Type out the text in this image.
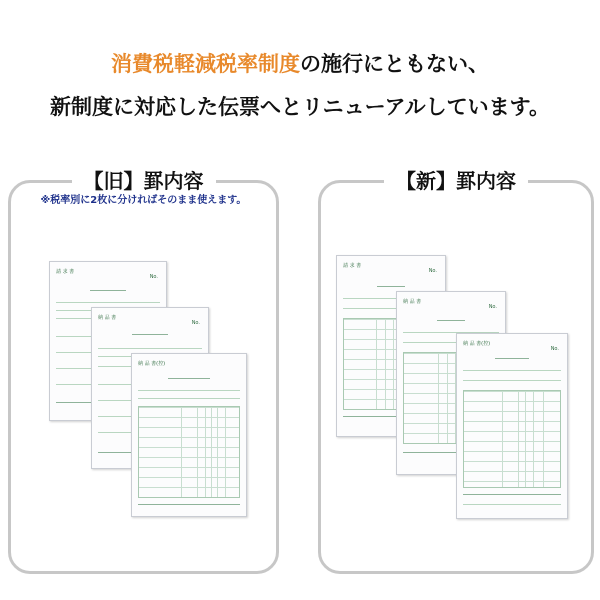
消費税軽減税率制度の施行にともない、
新制度に対応した伝票へとリニューアルしています。
【旧】罫内容
※税率別に2枚に分ければそのまま使えます。
請 求 書
No.
納 品 書
No.
納 品 書(控)
【新】罫内容
請 求 書
No.
納 品 書
No.
納 品 書(控)
No.
